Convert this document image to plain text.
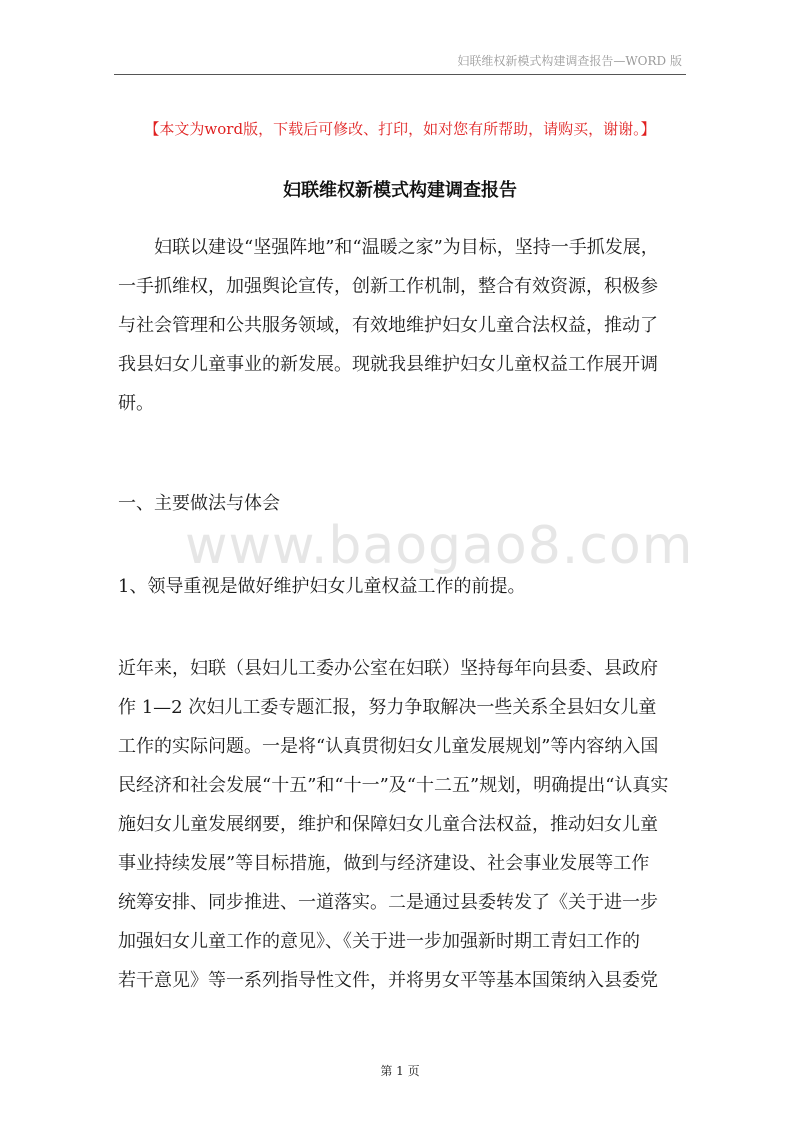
妇联维权新模式构建调查报告—WORD 版
【本文为word版，下载后可修改、打印，如对您有所帮助，请购买，谢谢。】
妇联维权新模式构建调查报告
　　妇联以建设“坚强阵地”和“温暖之家”为目标，坚持一手抓发展，
一手抓维权，加强舆论宣传，创新工作机制，整合有效资源，积极参
与社会管理和公共服务领域，有效地维护妇女儿童合法权益，推动了
我县妇女儿童事业的新发展。现就我县维护妇女儿童权益工作展开调
研。
一、主要做法与体会
www.baogao8.com
1、领导重视是做好维护妇女儿童权益工作的前提。
近年来，妇联（县妇儿工委办公室在妇联）坚持每年向县委、县政府
作 1—2 次妇儿工委专题汇报，努力争取解决一些关系全县妇女儿童
工作的实际问题。一是将“认真贯彻妇女儿童发展规划”等内容纳入国
民经济和社会发展“十五”和“十一”及“十二五”规划，明确提出“认真实
施妇女儿童发展纲要，维护和保障妇女儿童合法权益，推动妇女儿童
事业持续发展”等目标措施，做到与经济建设、社会事业发展等工作
统筹安排、同步推进、一道落实。二是通过县委转发了《关于进一步
加强妇女儿童工作的意见》、《关于进一步加强新时期工青妇工作的
若干意见》等一系列指导性文件，并将男女平等基本国策纳入县委党
第 1 页
